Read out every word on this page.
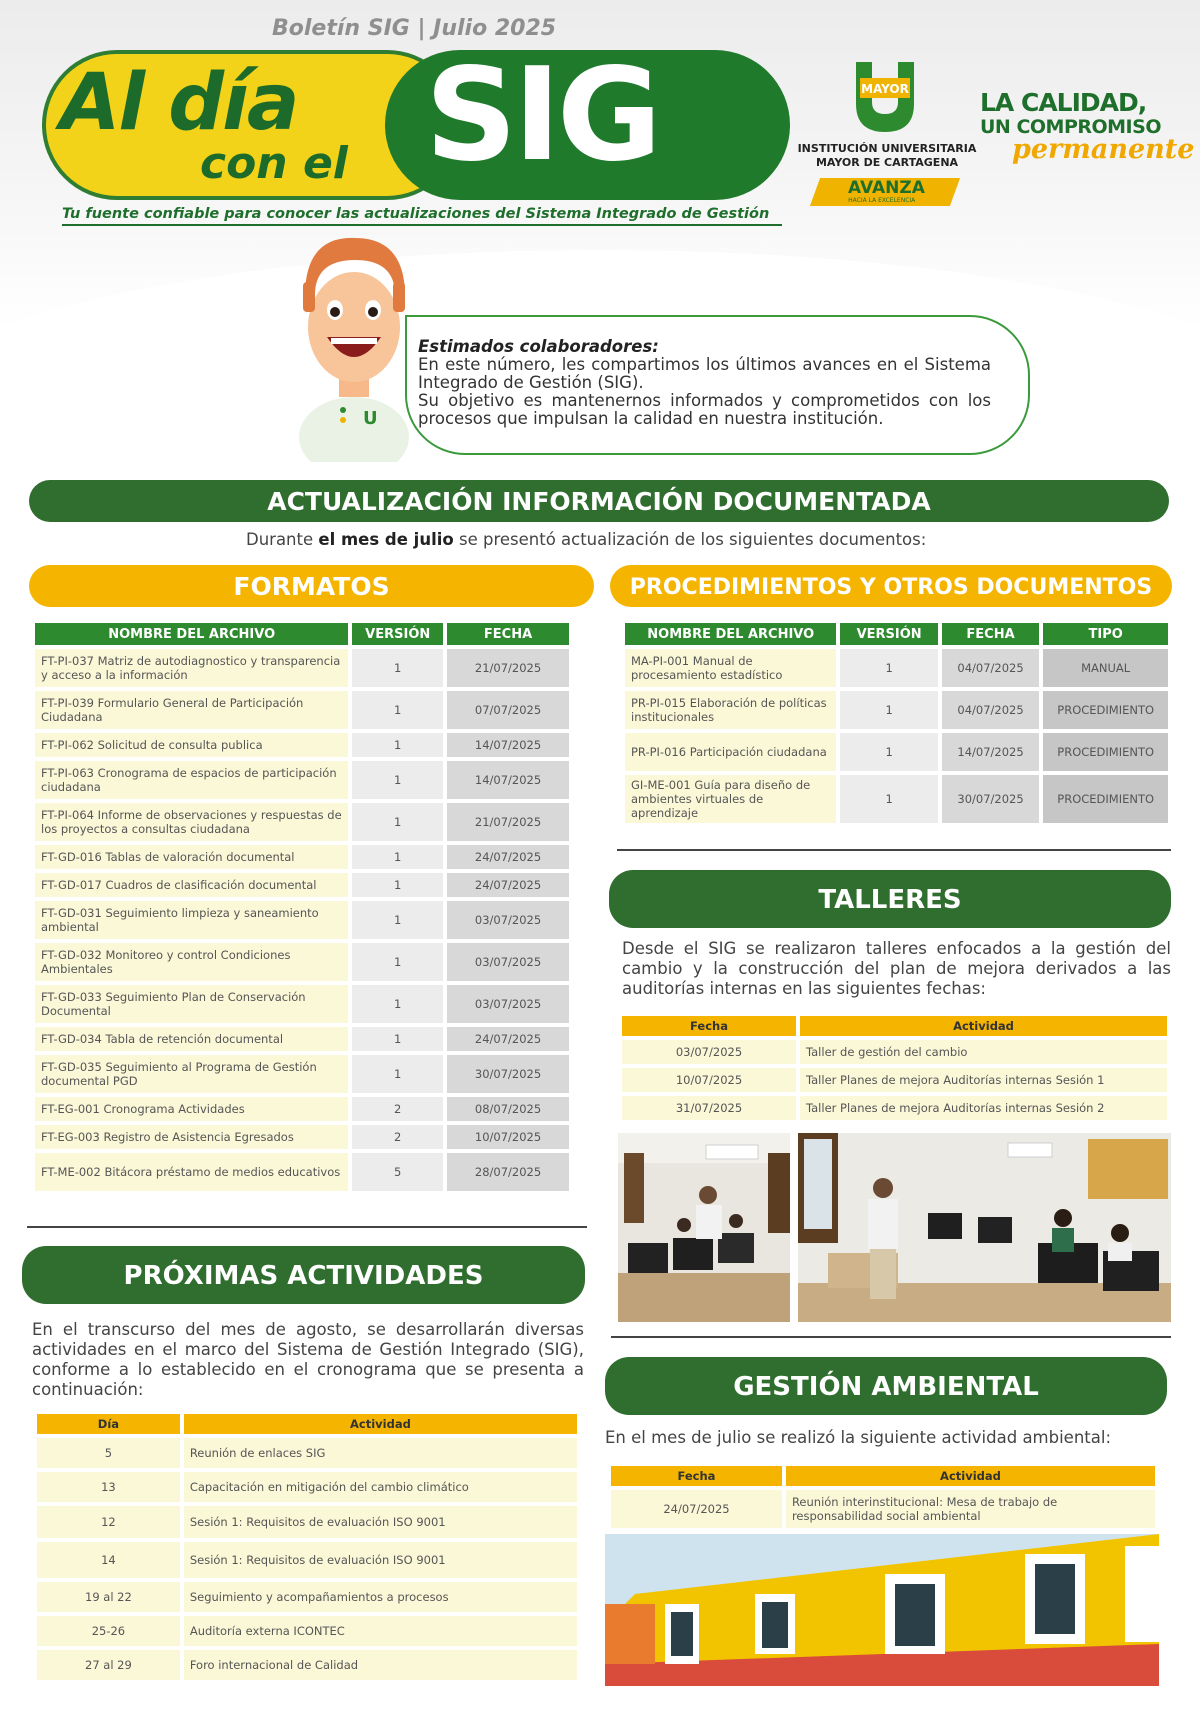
Boletín SIG | Julio 2025
Al día
con el SIG
Tu fuente confiable para conocer las actualizaciones del Sistema Integrado de Gestión
MAYOR
INSTITUCIÓN UNIVERSITARIA
MAYOR DE CARTAGENA
AVANZA
HACIA LA EXCELENCIA
LA CALIDAD,
UN COMPROMISO
permanente
U
Estimados colaboradores:
En este número, les compartimos los últimos avances en el Sistema Integrado de Gestión (SIG).
Su objetivo es mantenernos informados y comprometidos con los procesos que impulsan la calidad en nuestra institución.
ACTUALIZACIÓN INFORMACIÓN DOCUMENTADA
Durante el mes de julio se presentó actualización de los siguientes documentos:
FORMATOS
NOMBRE DEL ARCHIVO	VERSIÓN	FECHA
FT-PI-037 Matriz de autodiagnostico y transparencia y acceso a la información	1	21/07/2025
FT-PI-039 Formulario General de Participación Ciudadana	1	07/07/2025
FT-PI-062 Solicitud de consulta publica	1	14/07/2025
FT-PI-063 Cronograma de espacios de participación ciudadana	1	14/07/2025
FT-PI-064 Informe de observaciones y respuestas de los proyectos a consultas ciudadana	1	21/07/2025
FT-GD-016 Tablas de valoración documental	1	24/07/2025
FT-GD-017 Cuadros de clasificación documental	1	24/07/2025
FT-GD-031 Seguimiento limpieza y saneamiento ambiental	1	03/07/2025
FT-GD-032 Monitoreo y control Condiciones Ambientales	1	03/07/2025
FT-GD-033 Seguimiento Plan de Conservación Documental	1	03/07/2025
FT-GD-034 Tabla de retención documental	1	24/07/2025
FT-GD-035 Seguimiento al Programa de Gestión documental PGD	1	30/07/2025
FT-EG-001 Cronograma Actividades	2	08/07/2025
FT-EG-003 Registro de Asistencia Egresados	2	10/07/2025
FT-ME-002 Bitácora préstamo de medios educativos	5	28/07/2025
PROCEDIMIENTOS Y OTROS DOCUMENTOS
NOMBRE DEL ARCHIVO	VERSIÓN	FECHA	TIPO
MA-PI-001 Manual de procesamiento estadístico	1	04/07/2025	MANUAL
PR-PI-015 Elaboración de políticas institucionales	1	04/07/2025	PROCEDIMIENTO
PR-PI-016 Participación ciudadana	1	14/07/2025	PROCEDIMIENTO
GI-ME-001 Guía para diseño de ambientes virtuales de aprendizaje	1	30/07/2025	PROCEDIMIENTO
TALLERES
Desde el SIG se realizaron talleres enfocados a la gestión del cambio y la construcción del plan de mejora derivados a las auditorías internas en las siguientes fechas:
Fecha	Actividad
03/07/2025	Taller de gestión del cambio
10/07/2025	Taller Planes de mejora Auditorías internas Sesión 1
31/07/2025	Taller Planes de mejora Auditorías internas Sesión 2
GESTIÓN AMBIENTAL
En el mes de julio se realizó la siguiente actividad ambiental:
Fecha	Actividad
24/07/2025	Reunión interinstitucional: Mesa de trabajo de responsabilidad social ambiental
PRÓXIMAS ACTIVIDADES
En el transcurso del mes de agosto, se desarrollarán diversas actividades en el marco del Sistema de Gestión Integrado (SIG), conforme a lo establecido en el cronograma que se presenta a continuación:
Día	Actividad
5	Reunión de enlaces SIG
13	Capacitación en mitigación del cambio climático
12	Sesión 1: Requisitos de evaluación ISO 9001
14	Sesión 1: Requisitos de evaluación ISO 9001
19 al 22	Seguimiento y acompañamientos a procesos
25-26	Auditoría externa ICONTEC
27 al 29	Foro internacional de Calidad
